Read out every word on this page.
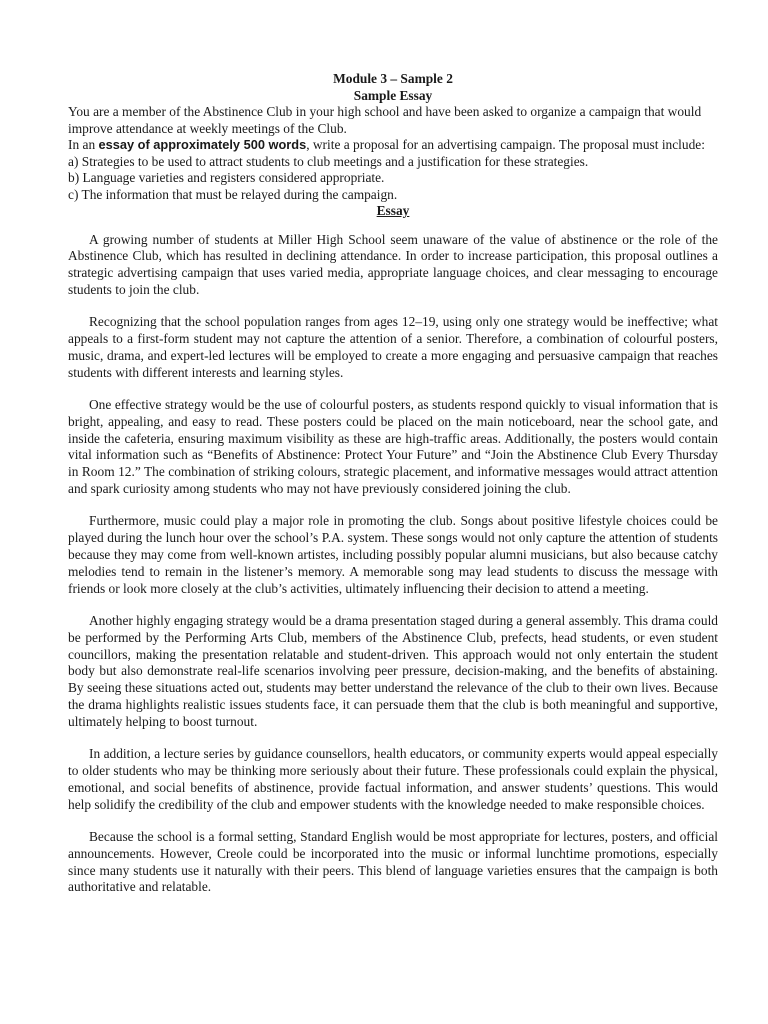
Module 3 – Sample 2
Sample Essay
You are a member of the Abstinence Club in your high school and have been asked to organize a campaign that would improve attendance at weekly meetings of the Club.
In an essay of approximately 500 words, write a proposal for an advertising campaign. The proposal must include:
a) Strategies to be used to attract students to club meetings and a justification for these strategies.
b) Language varieties and registers considered appropriate.
c) The information that must be relayed during the campaign.
Essay

A growing number of students at Miller High School seem unaware of the value of abstinence or the role of the Abstinence Club, which has resulted in declining attendance. In order to increase participation, this proposal outlines a strategic advertising campaign that uses varied media, appropriate language choices, and clear messaging to encourage students to join the club.

Recognizing that the school population ranges from ages 12–19, using only one strategy would be ineffective; what appeals to a first-form student may not capture the attention of a senior. Therefore, a combination of colourful posters, music, drama, and expert-led lectures will be employed to create a more engaging and persuasive campaign that reaches students with different interests and learning styles.

One effective strategy would be the use of colourful posters, as students respond quickly to visual information that is bright, appealing, and easy to read. These posters could be placed on the main noticeboard, near the school gate, and inside the cafeteria, ensuring maximum visibility as these are high-traffic areas. Additionally, the posters would contain vital information such as “Benefits of Abstinence: Protect Your Future” and “Join the Abstinence Club Every Thursday in Room 12.” The combination of striking colours, strategic placement, and informative messages would attract attention and spark curiosity among students who may not have previously considered joining the club.

Furthermore, music could play a major role in promoting the club. Songs about positive lifestyle choices could be played during the lunch hour over the school’s P.A. system. These songs would not only capture the attention of students because they may come from well-known artistes, including possibly popular alumni musicians, but also because catchy melodies tend to remain in the listener’s memory. A memorable song may lead students to discuss the message with friends or look more closely at the club’s activities, ultimately influencing their decision to attend a meeting.

Another highly engaging strategy would be a drama presentation staged during a general assembly. This drama could be performed by the Performing Arts Club, members of the Abstinence Club, prefects, head students, or even student councillors, making the presentation relatable and student-driven. This approach would not only entertain the student body but also demonstrate real-life scenarios involving peer pressure, decision-making, and the benefits of abstaining. By seeing these situations acted out, students may better understand the relevance of the club to their own lives. Because the drama highlights realistic issues students face, it can persuade them that the club is both meaningful and supportive, ultimately helping to boost turnout.

In addition, a lecture series by guidance counsellors, health educators, or community experts would appeal especially to older students who may be thinking more seriously about their future. These professionals could explain the physical, emotional, and social benefits of abstinence, provide factual information, and answer students’ questions. This would help solidify the credibility of the club and empower students with the knowledge needed to make responsible choices.

Because the school is a formal setting, Standard English would be most appropriate for lectures, posters, and official announcements. However, Creole could be incorporated into the music or informal lunchtime promotions, especially since many students use it naturally with their peers. This blend of language varieties ensures that the campaign is both authoritative and relatable.
